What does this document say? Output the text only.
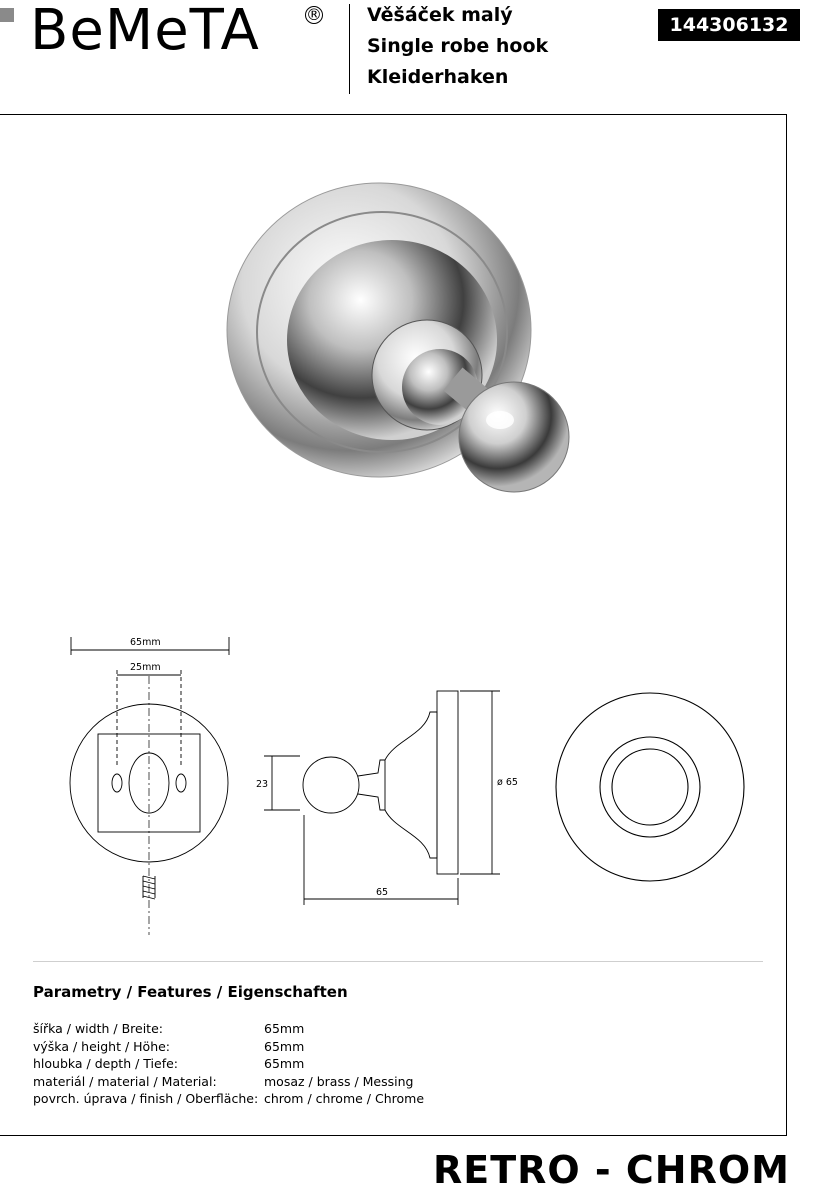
BeMeTA	® Věšáček malý
Single robe hook
Kleiderhaken
144306132
65mm
25mm
23	ø 65
65
Parametry / Features / Eigenschaften
šířka / width / Breite:	65mm
výška / height / Höhe:	65mm
hloubka / depth / Tiefe:	65mm
materiál / material / Material:	mosaz / brass / Messing
povrch. úprava / finish / Oberfläche: chrom / chrome / Chrome
RETRO - CHROM
